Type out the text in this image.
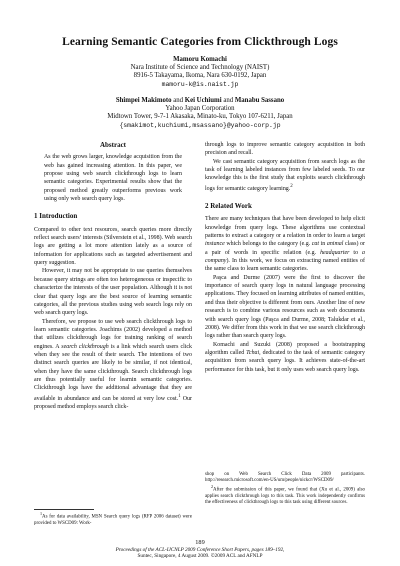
Learning Semantic Categories from Clickthrough Logs
Mamoru Komachi
Nara Institute of Science and Technology (NAIST)
8916-5 Takayama, Ikoma, Nara 630-0192, Japan
mamoru-k@is.naist.jp
Shimpei Makimoto and Kei Uchiumi and Manabu Sassano
Yahoo Japan Corporation
Midtown Tower, 9-7-1 Akasaka, Minato-ku, Tokyo 107-6211, Japan
{smakimot,kuchiumi,msassano}@yahoo-corp.jp
Abstract

As the web grows larger, knowledge acquisition from the web has gained increasing attention. In this paper, we propose using web search clickthrough logs to learn semantic categories. Experimental results show that the proposed method greatly outperforms previous work using only web search query logs.

1 Introduction

Compared to other text resources, search queries more directly reflect search users’ interests (Silverstein et al., 1998). Web search logs are getting a lot more attention lately as a source of information for applications such as targeted advertisement and query suggestion.

However, it may not be appropriate to use queries themselves because query strings are often too heterogeneous or inspecific to characterize the interests of the user population. Although it is not clear that query logs are the best source of learning semantic categories, all the previous studies using web search logs rely on web search query logs.

Therefore, we propose to use web search clickthrough logs to learn semantic categories. Joachims (2002) developed a method that utilizes clickthrough logs for training ranking of search engines. A search clickthrough is a link which search users click when they see the result of their search. The intentions of two distinct search queries are likely to be similar, if not identical, when they have the same clickthrough. Search clickthrough logs are thus potentially useful for learnin semantic categories. Clickthrough logs have the additional advantage that they are available in abundance and can be stored at very low cost.$^1$ Our proposed method employs search click-

through logs to improve semantic category acquisition in both precision and recall.

We cast semantic category acquisition from search logs as the task of learning labeled instances from few labeled seeds. To our knowledge this is the first study that exploits search clickthrough logs for semantic category learning.$^2$

2 Related Work

There are many techniques that have been developed to help elicit knowledge from query logs. These algorithms use contextual patterns to extract a category or a relation in order to learn a target instance which belongs to the category (e.g. cat in animal class) or a pair of words in specific relation (e.g. headquarter to a company). In this work, we focus on extracting named entities of the same class to learn semantic categories.

Paşca and Durme (2007) were the first to discover the importance of search query logs in natural language processing applications. They focused on learning attributes of named entities, and thus their objective is different from ours. Another line of new research is to combine various resources such as web documents with search query logs (Paşca and Durme, 2008; Talukdar et al., 2008). We differ from this work in that we use search clickthrough logs rather than search query logs.

Komachi and Suzuki (2008) proposed a bootstrapping algorithm called Tchai, dedicated to the task of semantic category acquisition from search query logs. It achieves state-of-the-art performance for this task, but it only uses web search query logs.

$^1$As for data availability, MSN Search query logs (RFP 2006 dataset) were provided to WSCD09: Work-

shop on Web Search Click Data 2009 participants. http://research.microsoft.com/en-US/um/people/nickcr/WSCD09/

$^2$After the submission of this paper, we found that (Xu et al., 2009) also applies search clickthrough logs to this task. This work independently confirms the effectiveness of clickthrough logs to this task using different sources.

189
Proceedings of the ACL-IJCNLP 2009 Conference Short Papers, pages 189–192,
Suntec, Singapore, 4 August 2009. ©2009 ACL and AFNLP
